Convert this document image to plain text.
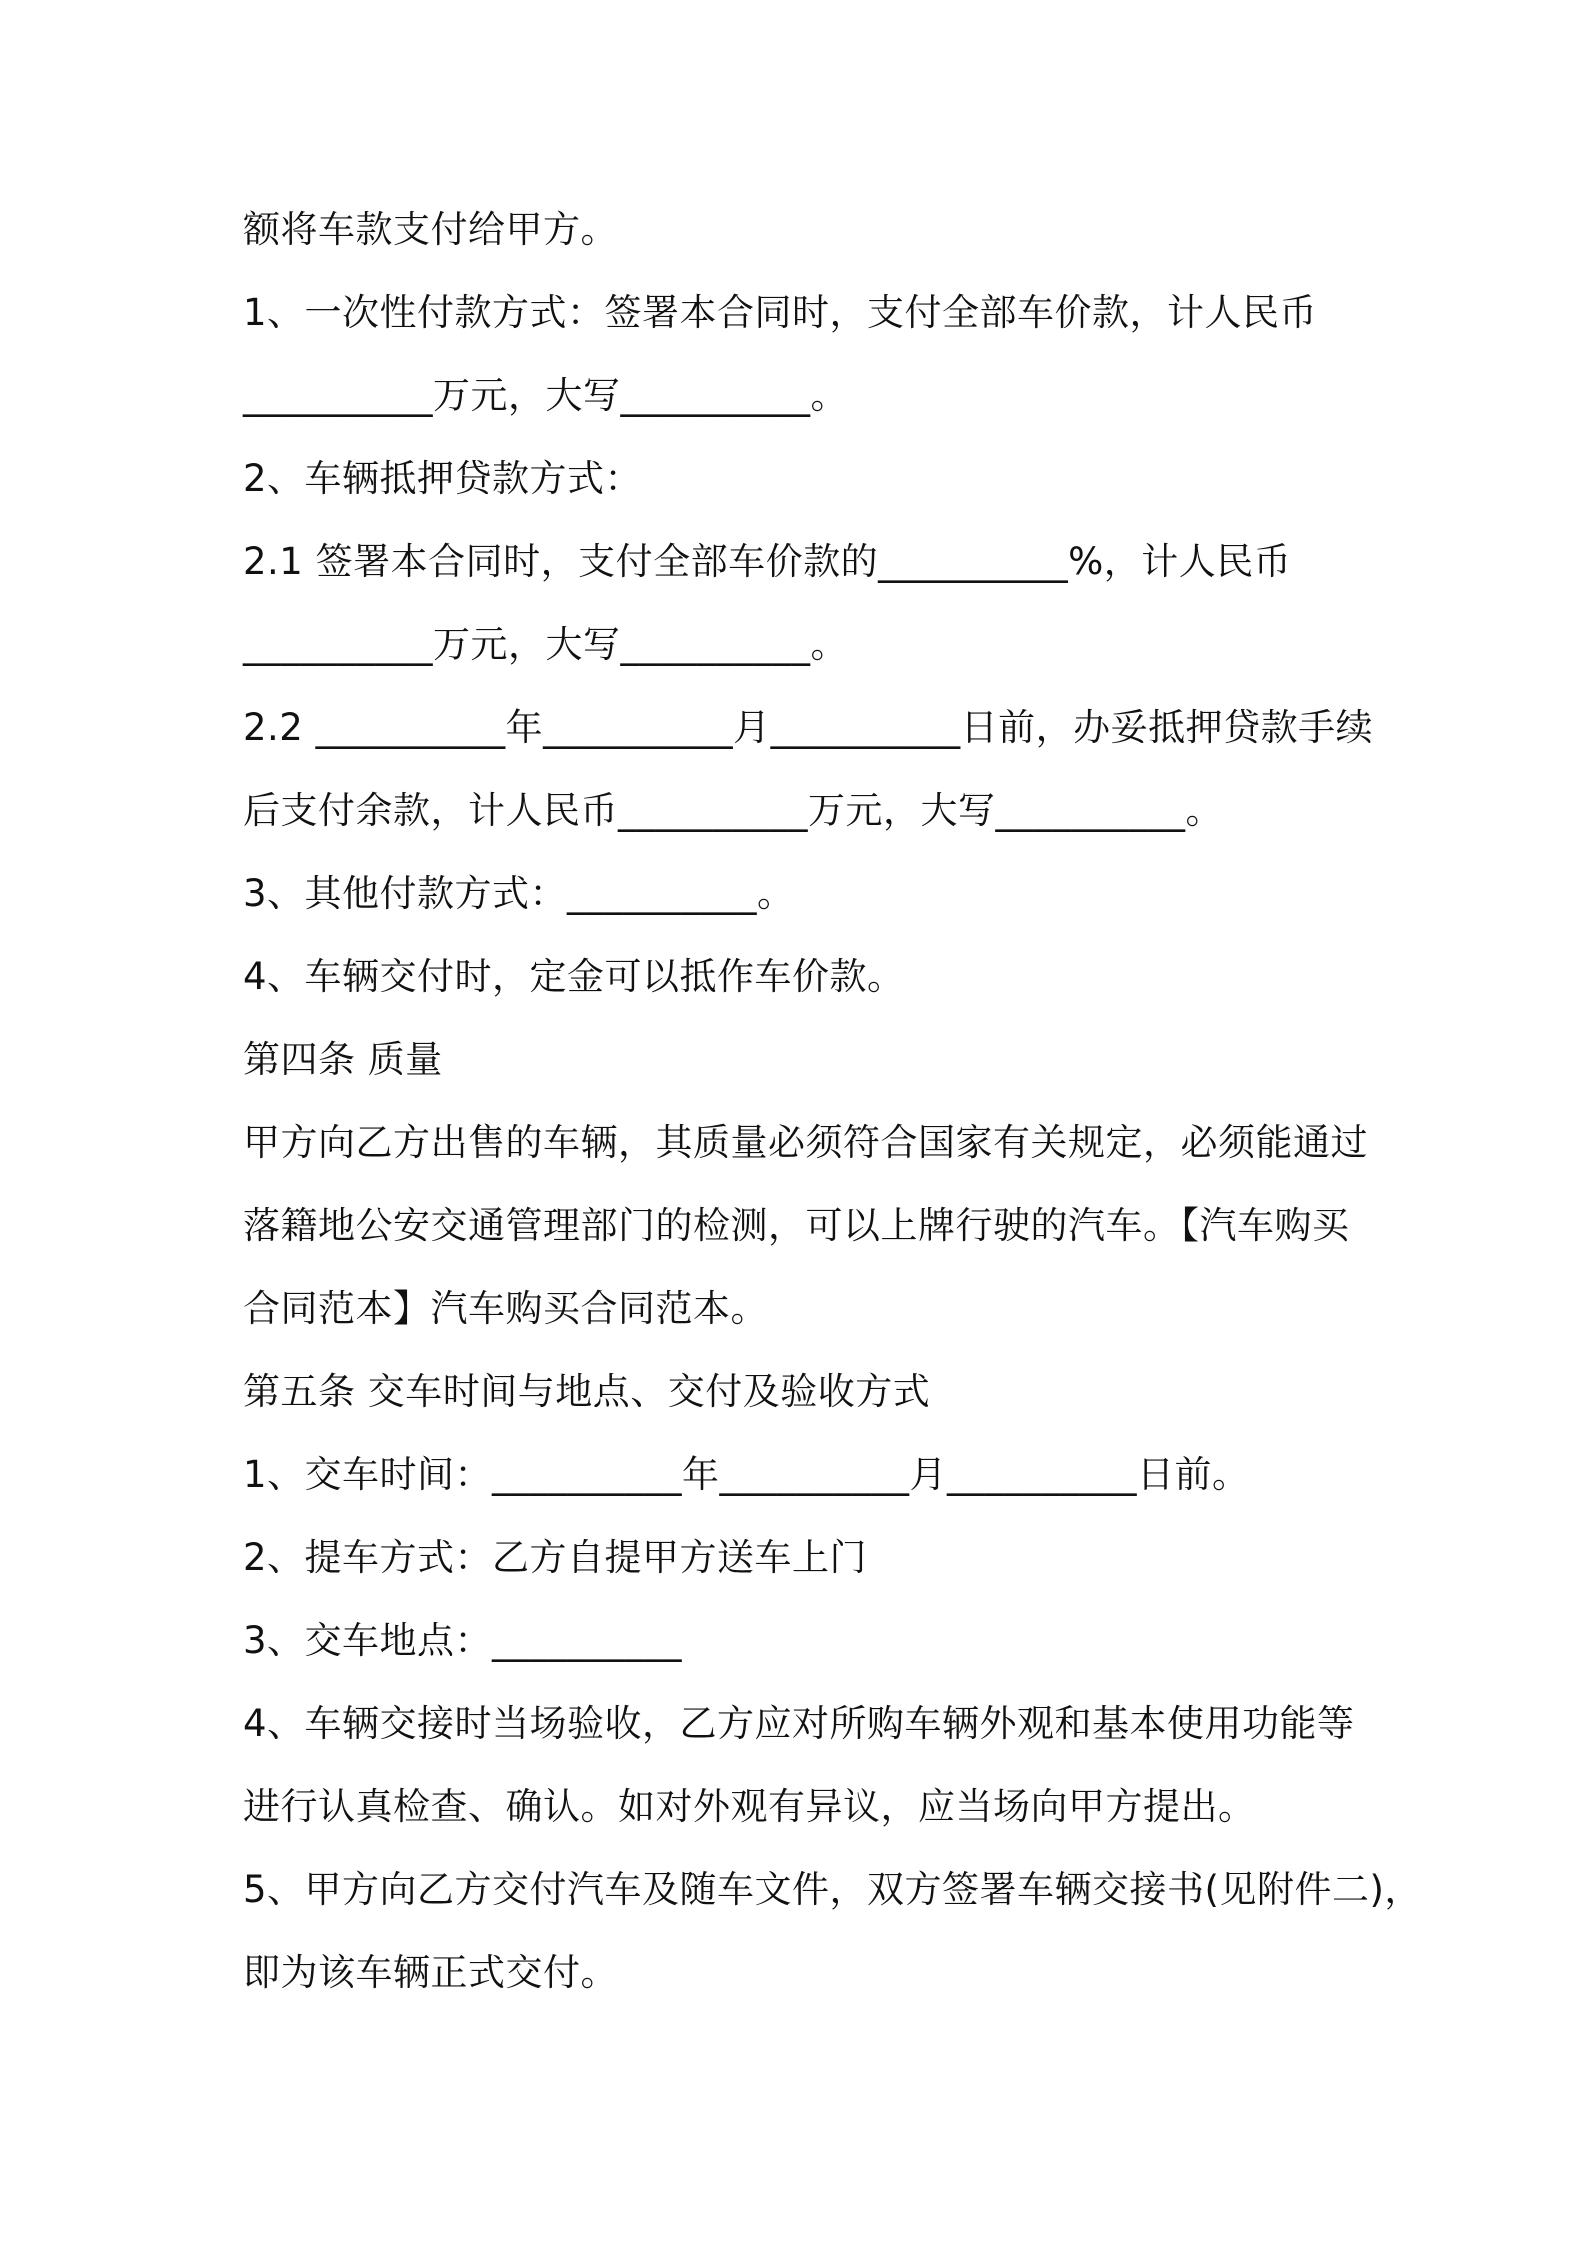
额将车款支付给甲方。
1、一次性付款方式：签署本合同时，支付全部车价款，计人民币
__________万元，大写__________。
2、车辆抵押贷款方式：
2.1 签署本合同时，支付全部车价款的__________%，计人民币
__________万元，大写__________。
2.2 __________年__________月__________日前，办妥抵押贷款手续
后支付余款，计人民币__________万元，大写__________。
3、其他付款方式：__________。
4、车辆交付时，定金可以抵作车价款。
第四条 质量
甲方向乙方出售的车辆，其质量必须符合国家有关规定，必须能通过
落籍地公安交通管理部门的检测，可以上牌行驶的汽车。【汽车购买
合同范本】汽车购买合同范本。
第五条 交车时间与地点、交付及验收方式
1、交车时间：__________年__________月__________日前。
2、提车方式：乙方自提甲方送车上门
3、交车地点：__________
4、车辆交接时当场验收，乙方应对所购车辆外观和基本使用功能等
进行认真检查、确认。如对外观有异议，应当场向甲方提出。
5、甲方向乙方交付汽车及随车文件，双方签署车辆交接书(见附件二)，
即为该车辆正式交付。
